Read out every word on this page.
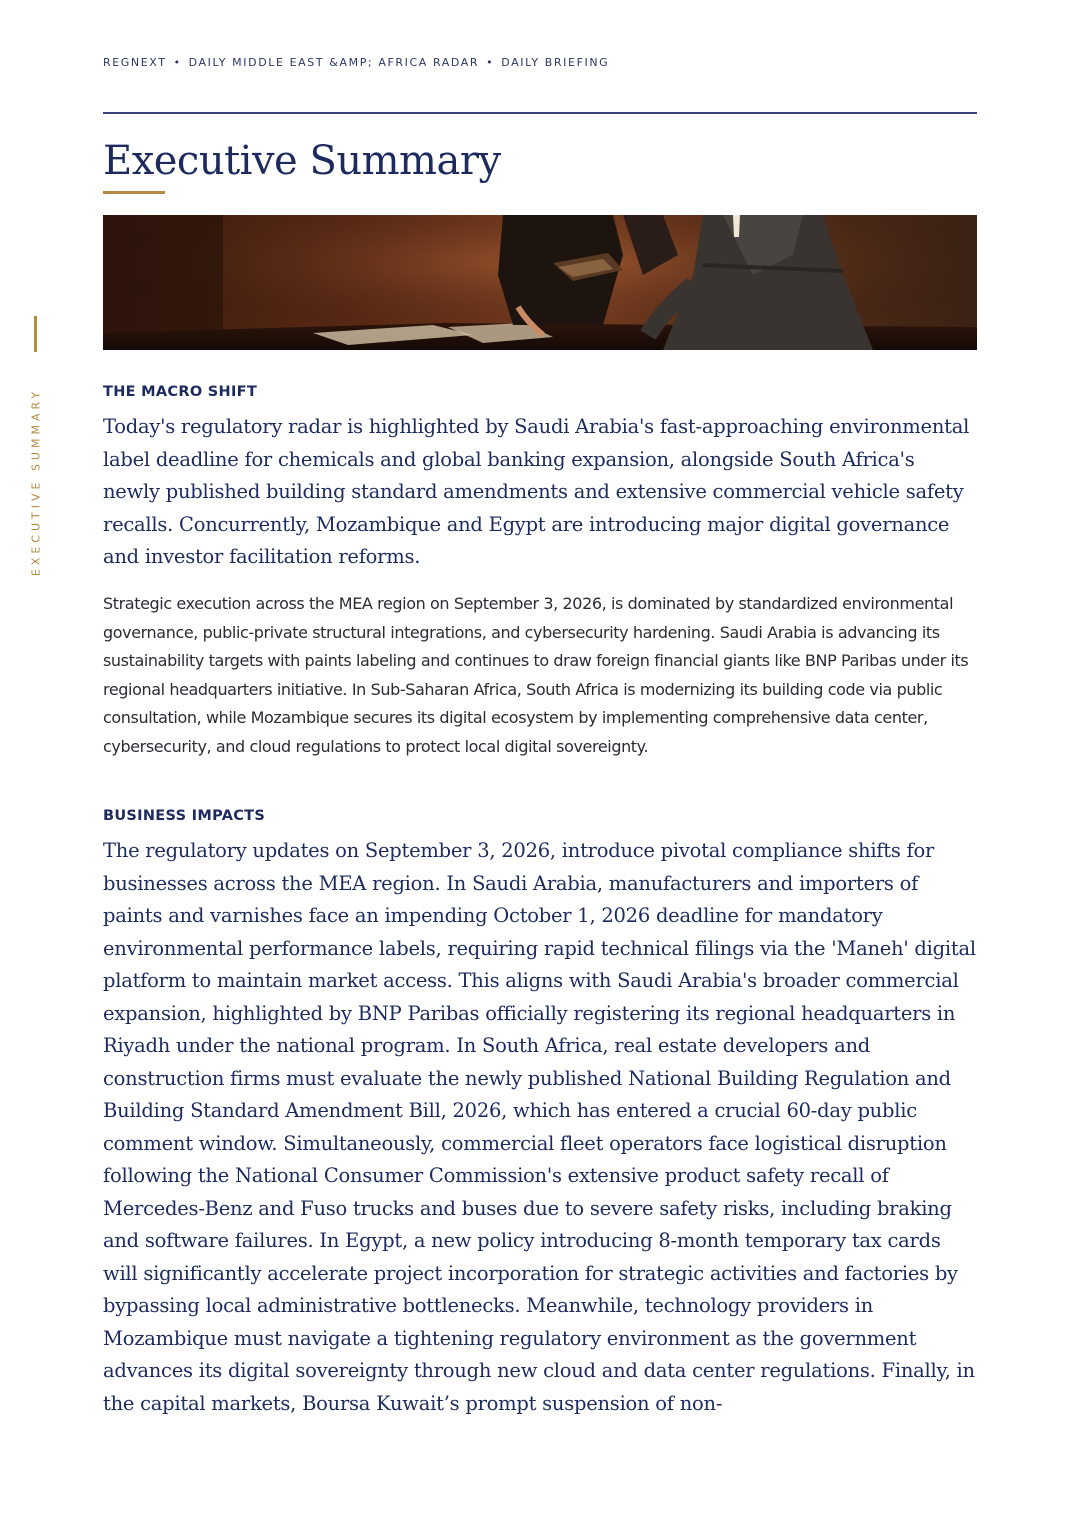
REGNEXT • DAILY MIDDLE EAST &AMP; AFRICA RADAR • DAILY BRIEFING
Executive Summary
EXECUTIVE SUMMARY	THE MACRO SHIFT

Today's regulatory radar is highlighted by Saudi Arabia's fast-approaching environmental label deadline for chemicals and global banking expansion, alongside South Africa's newly published building standard amendments and extensive commercial vehicle safety recalls. Concurrently, Mozambique and Egypt are introducing major digital governance and investor facilitation reforms.

Strategic execution across the MEA region on September 3, 2026, is dominated by standardized environmental governance, public-private structural integrations, and cybersecurity hardening. Saudi Arabia is advancing its sustainability targets with paints labeling and continues to draw foreign financial giants like BNP Paribas under its regional headquarters initiative. In Sub-Saharan Africa, South Africa is modernizing its building code via public consultation, while Mozambique secures its digital ecosystem by implementing comprehensive data center, cybersecurity, and cloud regulations to protect local digital sovereignty.

BUSINESS IMPACTS

The regulatory updates on September 3, 2026, introduce pivotal compliance shifts for businesses across the MEA region. In Saudi Arabia, manufacturers and importers of paints and varnishes face an impending October 1, 2026 deadline for mandatory environmental performance labels, requiring rapid technical filings via the 'Maneh' digital platform to maintain market access. This aligns with Saudi Arabia's broader commercial expansion, highlighted by BNP Paribas officially registering its regional headquarters in Riyadh under the national program. In South Africa, real estate developers and construction firms must evaluate the newly published National Building Regulation and Building Standard Amendment Bill, 2026, which has entered a crucial 60-day public comment window. Simultaneously, commercial fleet operators face logistical disruption following the National Consumer Commission's extensive product safety recall of Mercedes-Benz and Fuso trucks and buses due to severe safety risks, including braking and software failures. In Egypt, a new policy introducing 8-month temporary tax cards will significantly accelerate project incorporation for strategic activities and factories by bypassing local administrative bottlenecks. Meanwhile, technology providers in Mozambique must navigate a tightening regulatory environment as the government advances its digital sovereignty through new cloud and data center regulations. Finally, in the capital markets, Boursa Kuwait’s prompt suspension of non-
